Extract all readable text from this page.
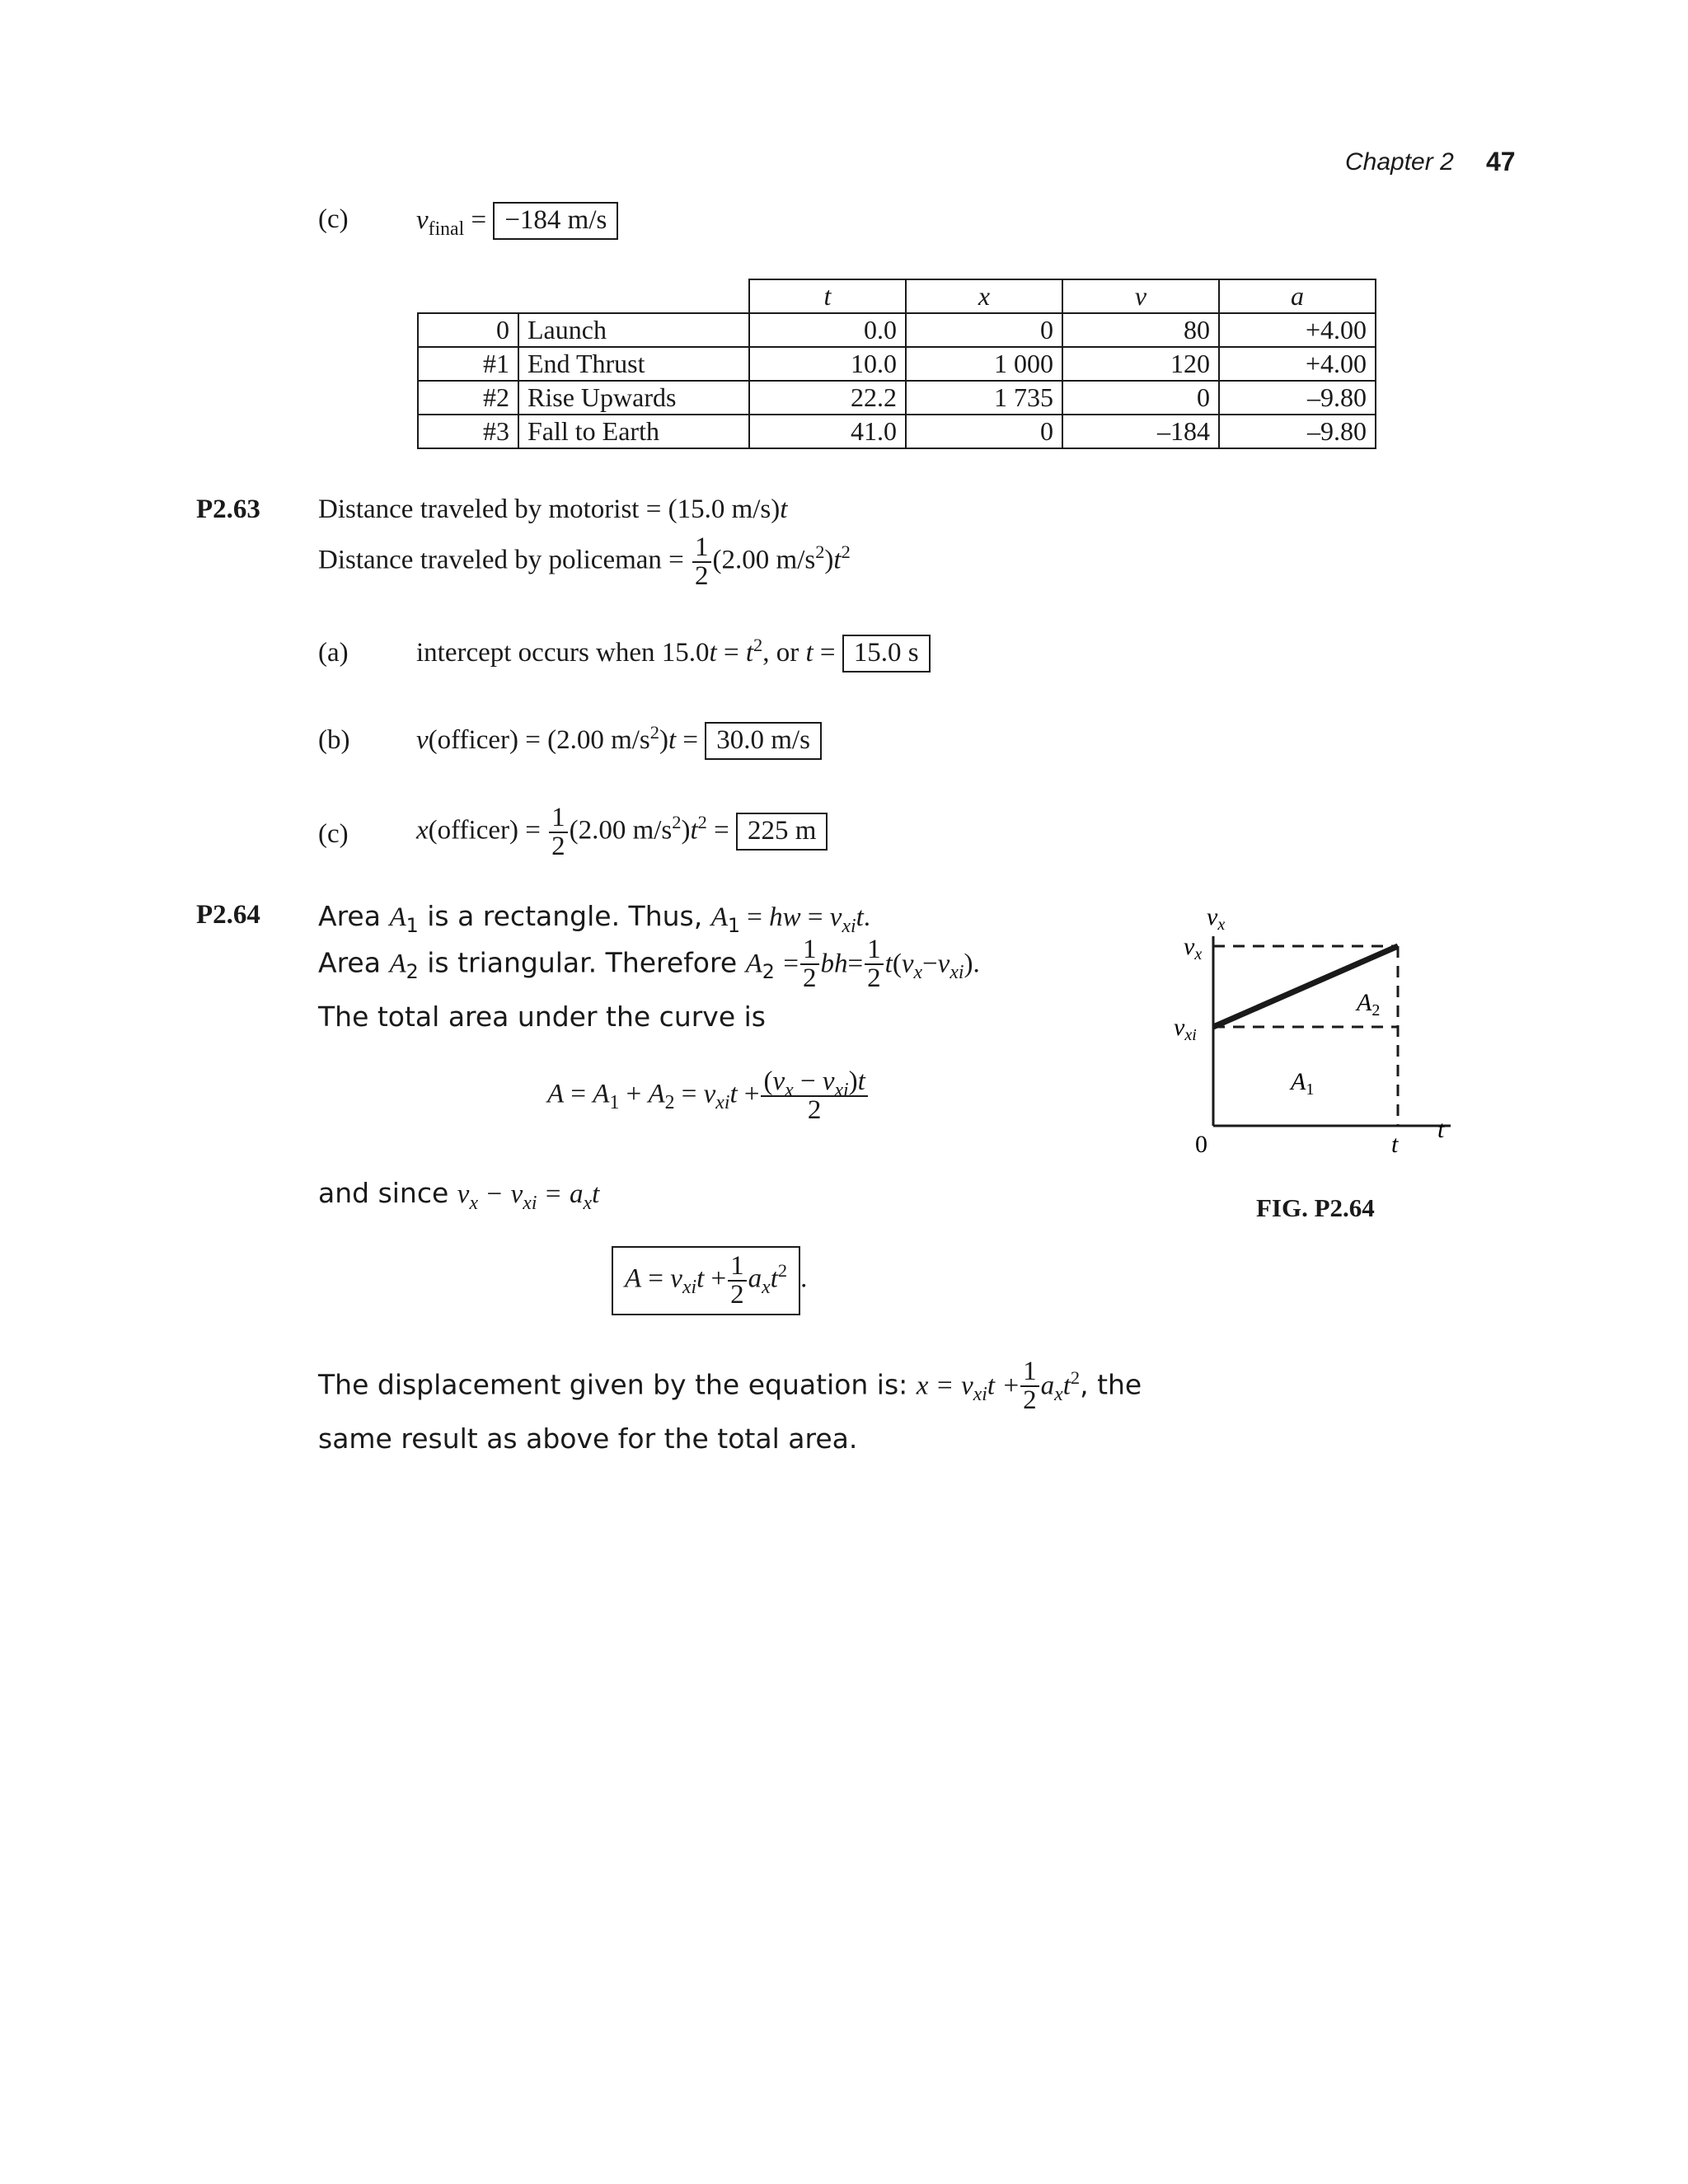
Chapter 2 47
(c) $v_{final} = -184$ m/s
		t	x	v	a
0	Launch	0.0	0	80	+4.00
#1	End Thrust	10.0	1 000	120	+4.00
#2	Rise Upwards	22.2	1 735	0	–9.80
#3	Fall to Earth	41.0	0	–184	–9.80
P2.63 Distance traveled by motorist = (15.0 m/s)t
Distance traveled by policeman = $\frac{1}{2} (2.00$ $m/s^2)t^2$
(a) intercept occurs when $15.0t = t^2$, or t = 15.0 s
(b) v(officer) = (2.00 $m/s^2)t = 30.0$ m/s
(c) x(officer) = $\frac{1}{2} (2.00$ $m/s^2)t^2 = 225$ m
P2.64 Area $A_1$ is a rectangle. Thus, $A_1$ = hw = $v_{xi}t$.
Area $A_2$ is triangular. Therefore $A_2 = \frac{1}{2} bh= \frac{1}{2} t(v_x-v_{xi})$.
The total area under the curve is
$A = A_1 + A_2 = v_{xi}t + \frac{(v_x - v_{xi})t}{2}$
and since $v_x - v_{xi} = a_xt$
$A = v_{xi}t + \frac{1}{2} a_xt^2$ .
The displacement given by the equation is: $x = v_{xi}t + \frac{1}{2} a_xt^2$, the
same result as above for the total area.
$v_x$
$v_x$
$v_{xi}$
0	t
t
$A_2$
$A_1$
FIG. P2.64
